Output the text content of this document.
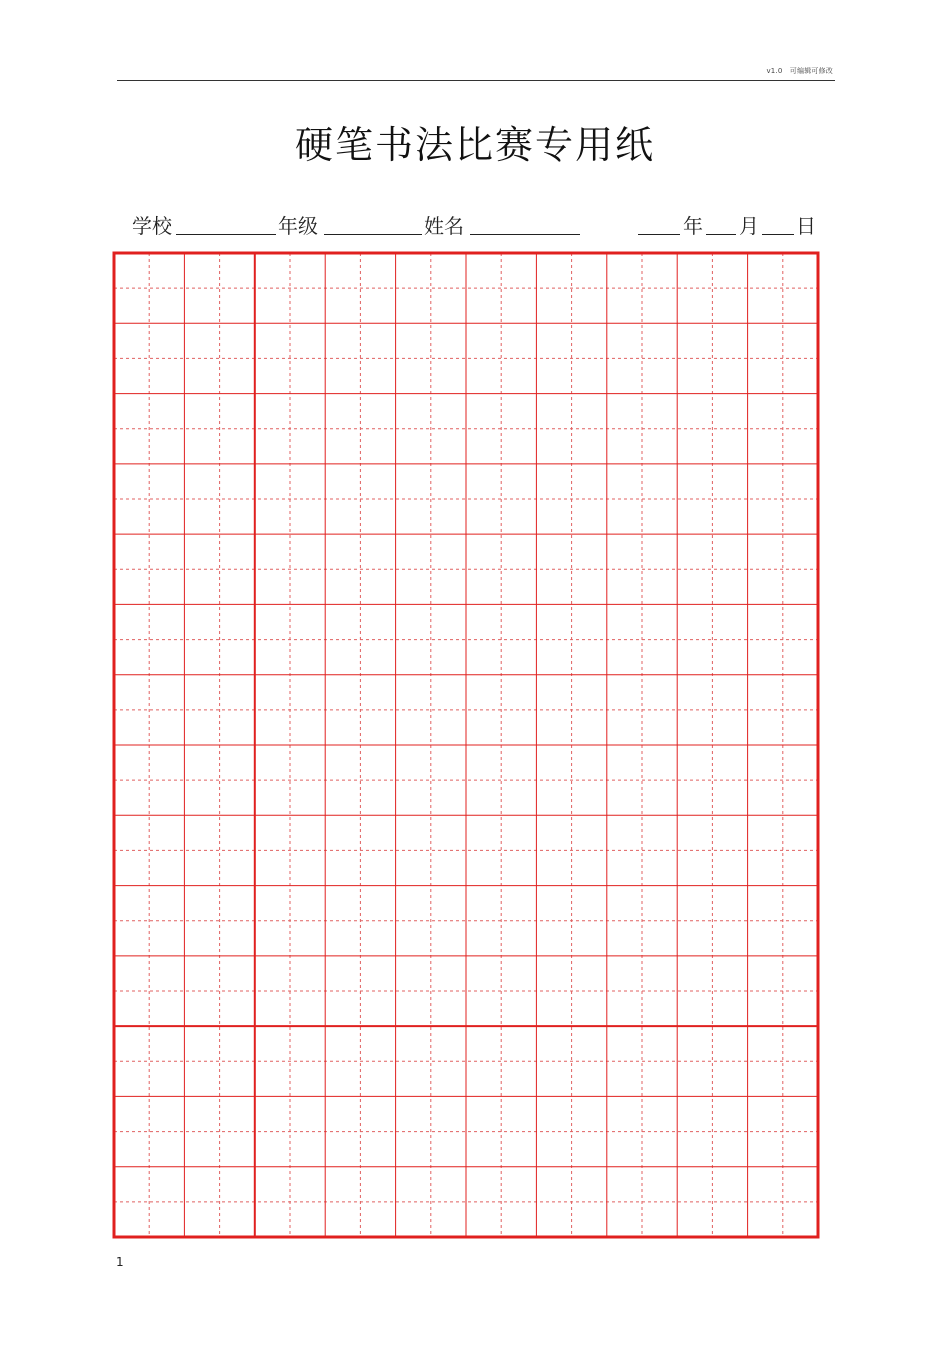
v1.0 可编辑可修改
硬笔书法比赛专用纸
学校	年级	姓名	年 月 日
1
